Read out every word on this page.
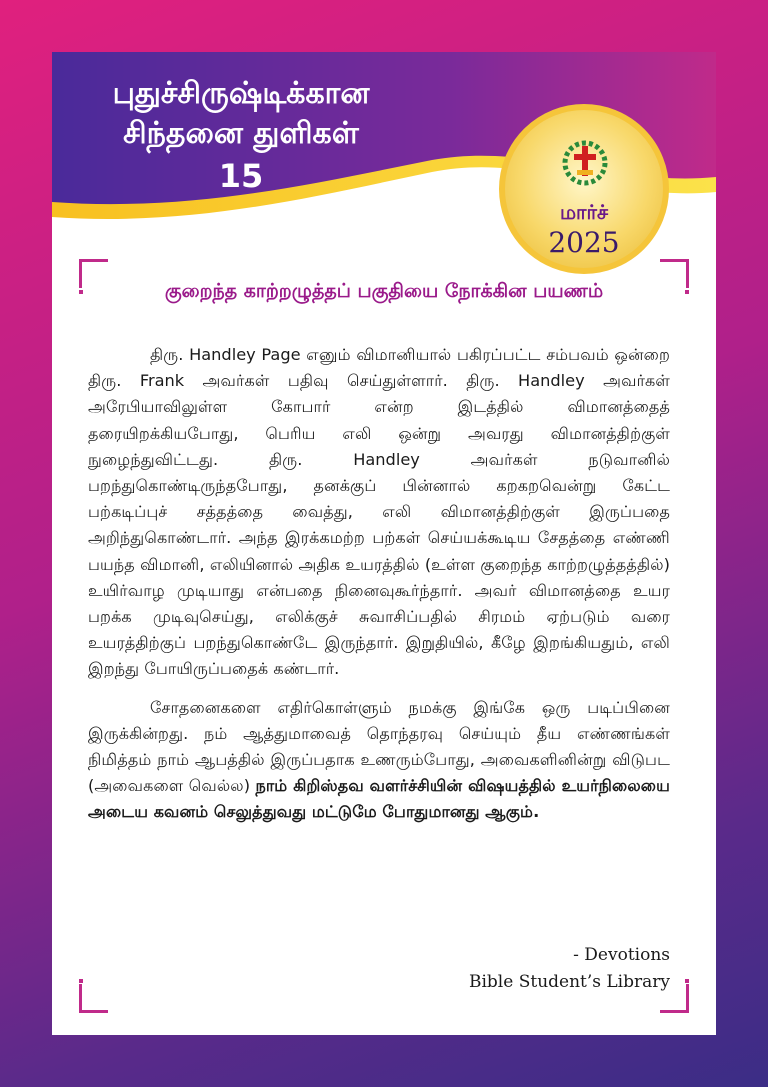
புதுச்சிருஷ்டிக்கான
சிந்தனை துளிகள்
15
மார்ச்
2025
குறைந்த காற்றழுத்தப் பகுதியை நோக்கின பயணம்

திரு. Handley Page எனும் விமானியால் பகிரப்பட்ட சம்பவம் ஒன்றை திரு. Frank அவர்கள் பதிவு செய்துள்ளார். திரு. Handley அவர்கள் அரேபியாவிலுள்ள கோபார் என்ற இடத்தில் விமானத்தைத் தரையிறக்கியபோது, பெரிய எலி ஒன்று அவரது விமானத்திற்குள் நுழைந்துவிட்டது. திரு. Handley அவர்கள் நடுவானில் பறந்துகொண்டிருந்தபோது, தனக்குப் பின்னால் கறகறவென்று கேட்ட பற்கடிப்புச் சத்தத்தை வைத்து, எலி விமானத்திற்குள் இருப்பதை அறிந்துகொண்டார். அந்த இரக்கமற்ற பற்கள் செய்யக்கூடிய சேதத்தை எண்ணி பயந்த விமானி, எலியினால் அதிக உயரத்தில் (உள்ள குறைந்த காற்றழுத்தத்தில்) உயிர்வாழ முடியாது என்பதை நினைவுகூர்ந்தார். அவர் விமானத்தை உயர பறக்க முடிவுசெய்து, எலிக்குச் சுவாசிப்பதில் சிரமம் ஏற்படும் வரை உயரத்திற்குப் பறந்துகொண்டே இருந்தார். இறுதியில், கீழே இறங்கியதும், எலி இறந்து போயிருப்பதைக் கண்டார்.

சோதனைகளை எதிர்கொள்ளும் நமக்கு இங்கே ஒரு படிப்பினை இருக்கின்றது. நம் ஆத்துமாவைத் தொந்தரவு செய்யும் தீய எண்ணங்கள் நிமித்தம் நாம் ஆபத்தில் இருப்பதாக உணரும்போது, அவைகளினின்று விடுபட (அவைகளை வெல்ல) நாம் கிறிஸ்தவ வளர்ச்சியின் விஷயத்தில் உயர்நிலையை அடைய கவனம் செலுத்துவது மட்டுமே போதுமானது ஆகும்.

- Devotions
Bible Student’s Library
